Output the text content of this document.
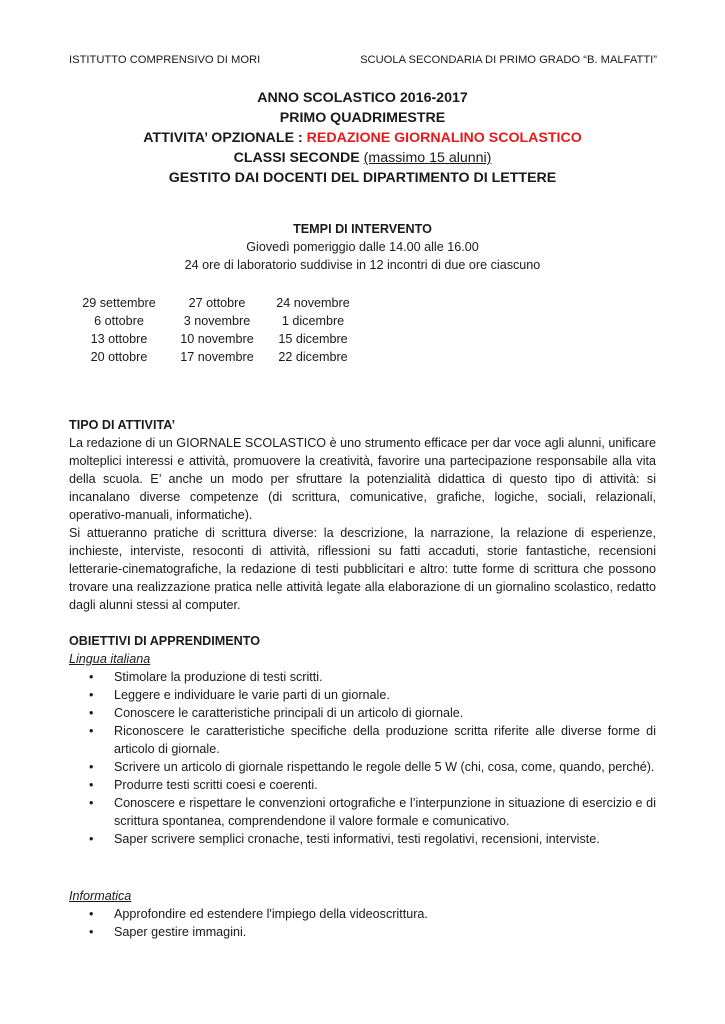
ISTITUTTO COMPRENSIVO DI MORI	SCUOLA SECONDARIA DI PRIMO GRADO “B. MALFATTI”
ANNO SCOLASTICO 2016-2017
PRIMO QUADRIMESTRE
ATTIVITA’ OPZIONALE : REDAZIONE GIORNALINO SCOLASTICO
CLASSI SECONDE (massimo 15 alunni)
GESTITO DAI DOCENTI DEL DIPARTIMENTO DI LETTERE
TEMPI DI INTERVENTO
Giovedì pomeriggio dalle 14.00 alle 16.00
24 ore di laboratorio suddivise in 12 incontri di due ore ciascuno
29 settembre	27 ottobre	24 novembre
6 ottobre	3 novembre	1 dicembre
13 ottobre	10 novembre	15 dicembre
20 ottobre	17 novembre	22 dicembre
TIPO DI ATTIVITA’

La redazione di un GIORNALE SCOLASTICO è uno strumento efficace per dar voce agli alunni, unificare molteplici interessi e attività, promuovere la creatività, favorire una partecipazione responsabile alla vita della scuola. E’ anche un modo per sfruttare la potenzialità didattica di questo tipo di attività: si incanalano diverse competenze (di scrittura, comunicative, grafiche, logiche, sociali, relazionali, operativo-manuali, informatiche).

Si attueranno pratiche di scrittura diverse: la descrizione, la narrazione, la relazione di esperienze, inchieste, interviste, resoconti di attività, riflessioni su fatti accaduti, storie fantastiche, recensioni letterarie-cinematografiche, la redazione di testi pubblicitari e altro: tutte forme di scrittura che possono trovare una realizzazione pratica nelle attività legate alla elaborazione di un giornalino scolastico, redatto dagli alunni stessi al computer.

OBIETTIVI DI APPRENDIMENTO
Lingua italiana
• Stimolare la produzione di testi scritti.
• Leggere e individuare le varie parti di un giornale.
• Conoscere le caratteristiche principali di un articolo di giornale.
• Riconoscere le caratteristiche specifiche della produzione scritta riferite alle diverse forme di articolo di giornale.
• Scrivere un articolo di giornale rispettando le regole delle 5 W (chi, cosa, come, quando, perché).
• Produrre testi scritti coesi e coerenti.
• Conoscere e rispettare le convenzioni ortografiche e l’interpunzione in situazione di esercizio e di scrittura spontanea, comprendendone il valore formale e comunicativo.
• Saper scrivere semplici cronache, testi informativi, testi regolativi, recensioni, interviste.
Informatica
• Approfondire ed estendere l'impiego della videoscrittura.
• Saper gestire immagini.
